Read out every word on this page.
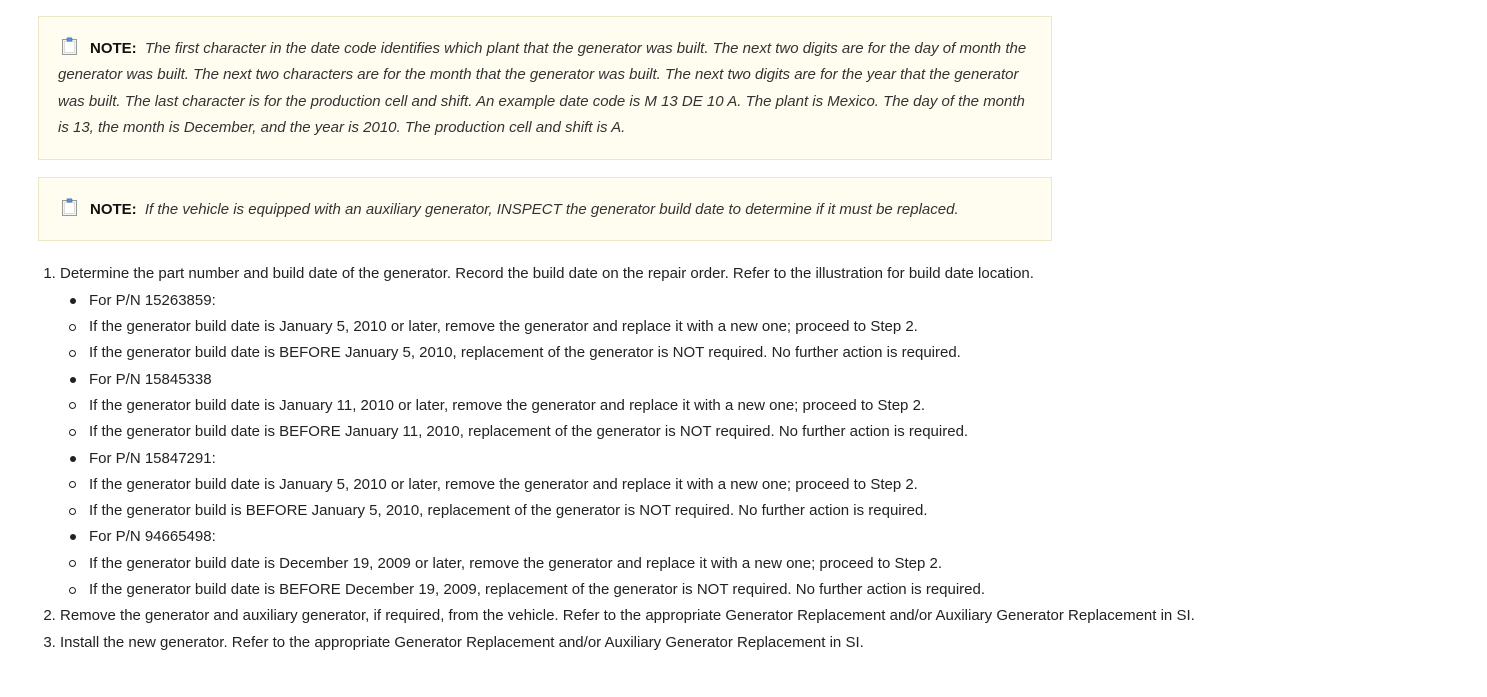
NOTE: The first character in the date code identifies which plant that the generator was built. The next two digits are for the day of month the generator was built. The next two characters are for the month that the generator was built. The next two digits are for the year that the generator was built. The last character is for the production cell and shift. An example date code is M 13 DE 10 A. The plant is Mexico. The day of the month is 13, the month is December, and the year is 2010. The production cell and shift is A.
NOTE: If the vehicle is equipped with an auxiliary generator, INSPECT the generator build date to determine if it must be replaced.
1. Determine the part number and build date of the generator. Record the build date on the repair order. Refer to the illustration for build date location.
For P/N 15263859:
If the generator build date is January 5, 2010 or later, remove the generator and replace it with a new one; proceed to Step 2.
If the generator build date is BEFORE January 5, 2010, replacement of the generator is NOT required. No further action is required.
For P/N 15845338
If the generator build date is January 11, 2010 or later, remove the generator and replace it with a new one; proceed to Step 2.
If the generator build date is BEFORE January 11, 2010, replacement of the generator is NOT required. No further action is required.
For P/N 15847291:
If the generator build date is January 5, 2010 or later, remove the generator and replace it with a new one; proceed to Step 2.
If the generator build is BEFORE January 5, 2010, replacement of the generator is NOT required. No further action is required.
For P/N 94665498:
If the generator build date is December 19, 2009 or later, remove the generator and replace it with a new one; proceed to Step 2.
If the generator build date is BEFORE December 19, 2009, replacement of the generator is NOT required. No further action is required.
2. Remove the generator and auxiliary generator, if required, from the vehicle. Refer to the appropriate Generator Replacement and/or Auxiliary Generator Replacement in SI.
3. Install the new generator. Refer to the appropriate Generator Replacement and/or Auxiliary Generator Replacement in SI.
